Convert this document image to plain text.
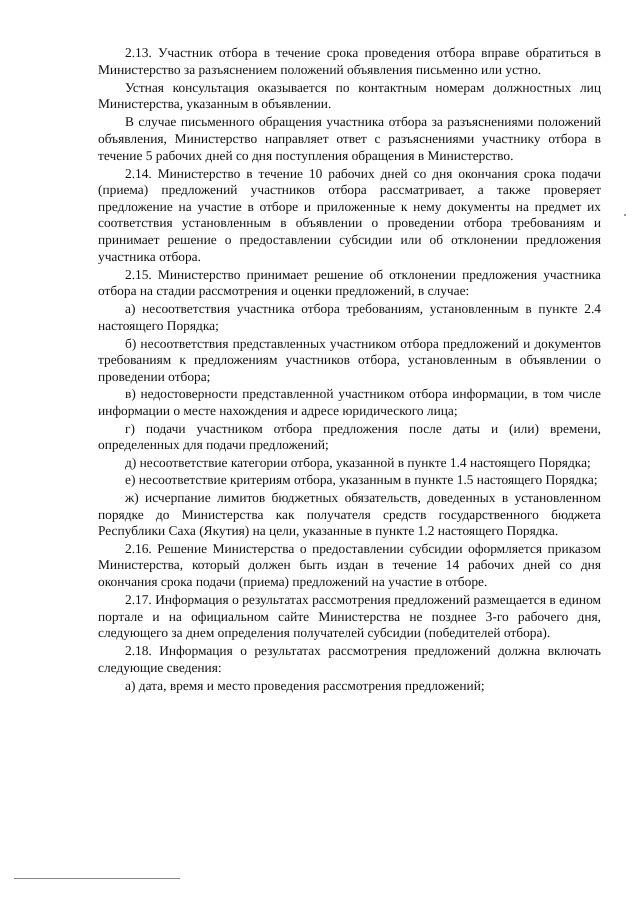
2.13. Участник отбора в течение срока проведения отбора вправе обратиться в Министерство за разъяснением положений объявления письменно или устно.

Устная консультация оказывается по контактным номерам должностных лиц Министерства, указанным в объявлении.

В случае письменного обращения участника отбора за разъяснениями положений объявления, Министерство направляет ответ с разъяснениями участнику отбора в течение 5 рабочих дней со дня поступления обращения в Министерство.

2.14. Министерство в течение 10 рабочих дней со дня окончания срока подачи (приема) предложений участников отбора рассматривает, а также проверяет предложение на участие в отборе и приложенные к нему документы на предмет их соответствия установленным в объявлении о проведении отбора требованиям и принимает решение о предоставлении субсидии или об отклонении предложения участника отбора.

2.15. Министерство принимает решение об отклонении предложения участника отбора на стадии рассмотрения и оценки предложений, в случае:

а) несоответствия участника отбора требованиям, установленным в пункте 2.4 настоящего Порядка;

б) несоответствия представленных участником отбора предложений и документов требованиям к предложениям участников отбора, установленным в объявлении о проведении отбора;

в) недостоверности представленной участником отбора информации, в том числе информации о месте нахождения и адресе юридического лица;

г) подачи участником отбора предложения после даты и (или) времени, определенных для подачи предложений;

д) несоответствие категории отбора, указанной в пункте 1.4 настоящего Порядка;

е) несоответствие критериям отбора, указанным в пункте 1.5 настоящего Порядка;

ж) исчерпание лимитов бюджетных обязательств, доведенных в установленном порядке до Министерства как получателя средств государственного бюджета Республики Саха (Якутия) на цели, указанные в пункте 1.2 настоящего Порядка.

2.16. Решение Министерства о предоставлении субсидии оформляется приказом Министерства, который должен быть издан в течение 14 рабочих дней со дня окончания срока подачи (приема) предложений на участие в отборе.

2.17. Информация о результатах рассмотрения предложений размещается в едином портале и на официальном сайте Министерства не позднее 3-го рабочего дня, следующего за днем определения получателей субсидии (победителей отбора).

2.18. Информация о результатах рассмотрения предложений должна включать следующие сведения:

а) дата, время и место проведения рассмотрения предложений;
